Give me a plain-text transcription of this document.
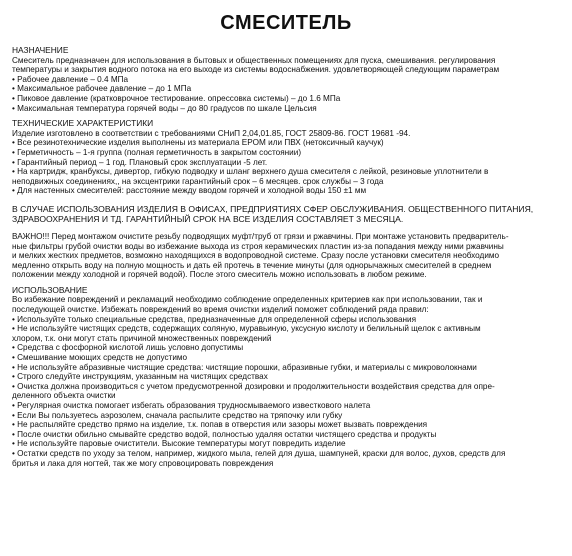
СМЕСИТЕЛЬ
НАЗНАЧЕНИЕ
Смеситель предназначен для использования в бытовых и общественных помещениях для пуска, смешивания. регулирования
температуры и закрытия водного потока на его выходе из системы водоснабжения. удовлетворяющей следующим параметрам
• Рабочее давление – 0.4 МПа
• Максимальное рабочее давление – до 1 МПа
• Пиковое давление (кратковрочное тестирование. опрессовка системы) – до 1.6 МПа
• Максимальная температура горячей воды – до 80 градусов по шкале Цельсия
ТЕХНИЧЕСКИЕ ХАРАКТЕРИСТИКИ
Изделие изготовлено в соответствии с требованиями СНиП 2,04,01.85, ГОСТ 25809-86. ГОСТ 19681 -94.
• Все резинотехнические изделия выполнены из материала EPOM или ПВХ (нетоксичный каучук)
• Герметичность – 1-я группа (полная герметичность в закрытом состоянии)
• Гарантийный период – 1 год. Плановый срок эксплуатации -5 лет.
• На картридж, кранбуксы, дивертор, гибкую подводку и шланг верхнего душа смесителя с лейкой, резиновые уплотнители в
неподвижных соединениях,, на эксцентрики гарантийный срок – 6 месяцев. срок службы – 3 года
• Для настенных смесителей: расстояние между вводом горячей и холодной воды 150 ±1 мм
В СЛУЧАЕ ИСПОЛЬЗОВАНИЯ ИЗДЕЛИЯ В ОФИСАХ, ПРЕДПРИЯТИЯХ СФЕР ОБСЛУЖИВАНИЯ. ОБЩЕСТВЕННОГО ПИТАНИЯ,
ЗДРАВООХРАНЕНИЯ И ТД. ГАРАНТИЙНЫЙ СРОК НА ВСЕ ИЗДЕЛИЯ СОСТАВЛЯЕТ 3 МЕСЯЦА.
ВАЖНО!!! Перед монтажом очистите резьбу подводящих муфт/труб от грязи и ржавчины. При монтаже установить предваритель-
ные фильтры грубой очистки воды во избежание выхода из строя керамических пластин из-за попадания между ними ржавчины
и мелких жестких предметов, возможно находящихся в водопроводной системе. Сразу после установки смесителя необходимо
медленно открыть воду на полную мощность и дать ей протечь в течение минуты (для однорычажных смесителей в среднем
положении между холодной и горячей водой). После этого смеситель можно использовать в любом режиме.
ИСПОЛЬЗОВАНИЕ
Во избежание повреждений и рекламаций необходимо соблюдение определенных критериев как при использовании, так и
последующей очистке. Избежать повреждений во время очистки изделий поможет соблюдений ряда правил:
• Используйте только специальные средства, предназначенные для определенной сферы использования
• Не используйте чистящих средств, содержащих соляную, муравьиную, уксусную кислоту и белильный щелок с активным
хлором, т.к. они могут стать причиной множественных повреждений
• Средства с фосфорной кислотой лишь условно допустимы
• Смешивание моющих средств не допустимо
• Не используйте абразивные чистящие средства: чистящие порошки, абразивные губки, и материалы с микроволокнами
• Строго следуйте инструкциям, указанным на чистящих средствах
• Очистка должна производиться с учетом предусмотренной дозировки и продолжительности воздействия средства для опре-
деленного объекта очистки
• Регулярная очистка помогает избегать образования трудносмываемого известкового налета
• Если Вы пользуетесь аэрозолем, сначала распылите средство на тряпочку или губку
• Не распыляйте средство прямо на изделие, т.к. попав в отверстия или зазоры может вызвать повреждения
• После очистки обильно смывайте средство водой, полностью удаляя остатки чистящего средства и продукты
• Не используйте паровые очистители. Высокие температуры могут повредить изделие
• Остатки средств по уходу за телом, например, жидкого мыла, гелей для душа, шампуней, краски для волос, духов, средств для
бритья и лака для ногтей, так же могу спровоцировать повреждения
